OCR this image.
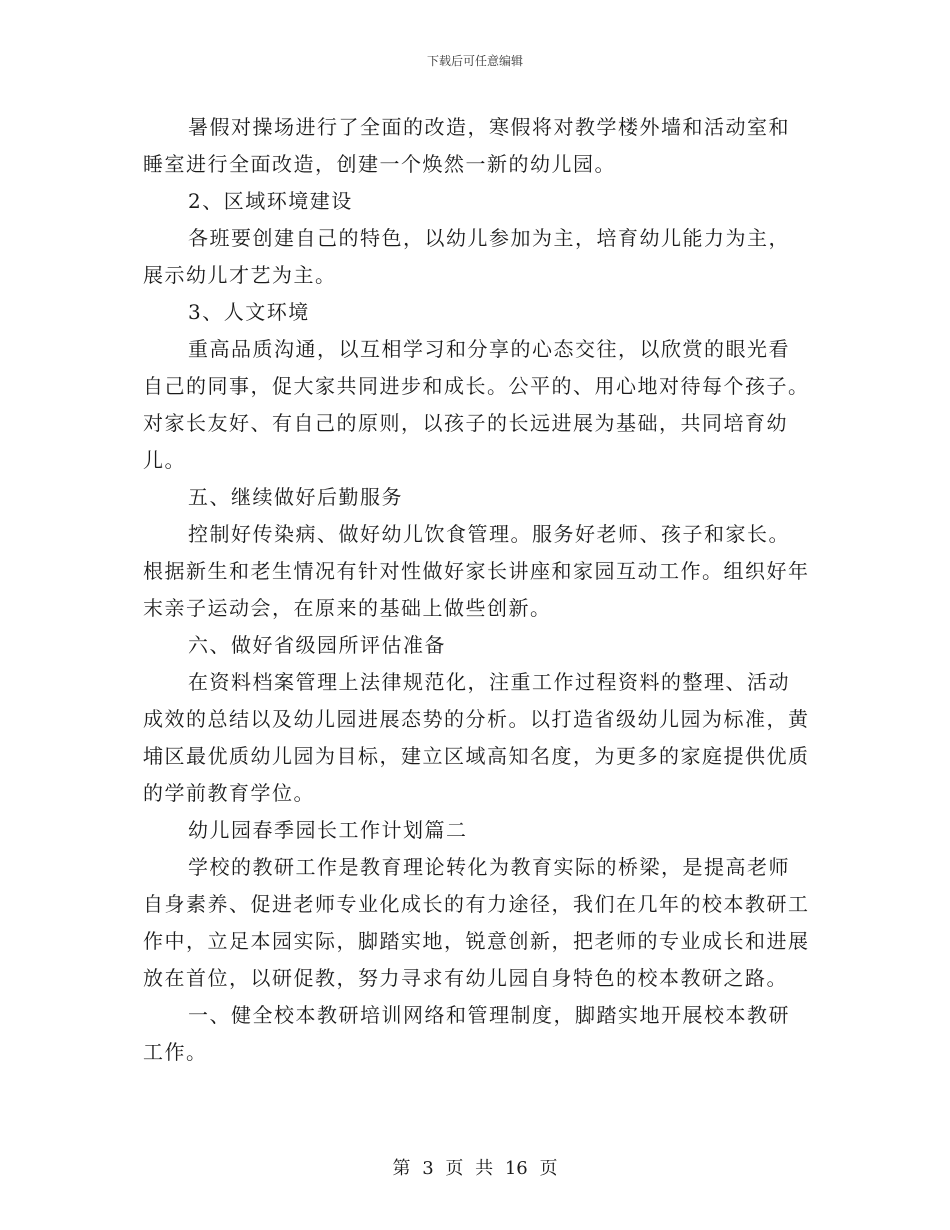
下载后可任意编辑

暑假对操场进行了全面的改造，寒假将对教学楼外墙和活动室和睡室进行全面改造，创建一个焕然一新的幼儿园。

2、区域环境建设

各班要创建自己的特色，以幼儿参加为主，培育幼儿能力为主，展示幼儿才艺为主。

3、人文环境

重高品质沟通，以互相学习和分享的心态交往，以欣赏的眼光看自己的同事，促大家共同进步和成长。公平的、用心地对待每个孩子。对家长友好、有自己的原则，以孩子的长远进展为基础，共同培育幼儿。

五、继续做好后勤服务

控制好传染病、做好幼儿饮食管理。服务好老师、孩子和家长。根据新生和老生情况有针对性做好家长讲座和家园互动工作。组织好年末亲子运动会，在原来的基础上做些创新。

六、做好省级园所评估准备

在资料档案管理上法律规范化，注重工作过程资料的整理、活动成效的总结以及幼儿园进展态势的分析。以打造省级幼儿园为标准，黄埔区最优质幼儿园为目标，建立区域高知名度，为更多的家庭提供优质的学前教育学位。

幼儿园春季园长工作计划篇二

学校的教研工作是教育理论转化为教育实际的桥梁，是提高老师自身素养、促进老师专业化成长的有力途径，我们在几年的校本教研工作中，立足本园实际，脚踏实地，锐意创新，把老师的专业成长和进展放在首位，以研促教，努力寻求有幼儿园自身特色的校本教研之路。

一、健全校本教研培训网络和管理制度，脚踏实地开展校本教研工作。

第 3 页 共 16 页
